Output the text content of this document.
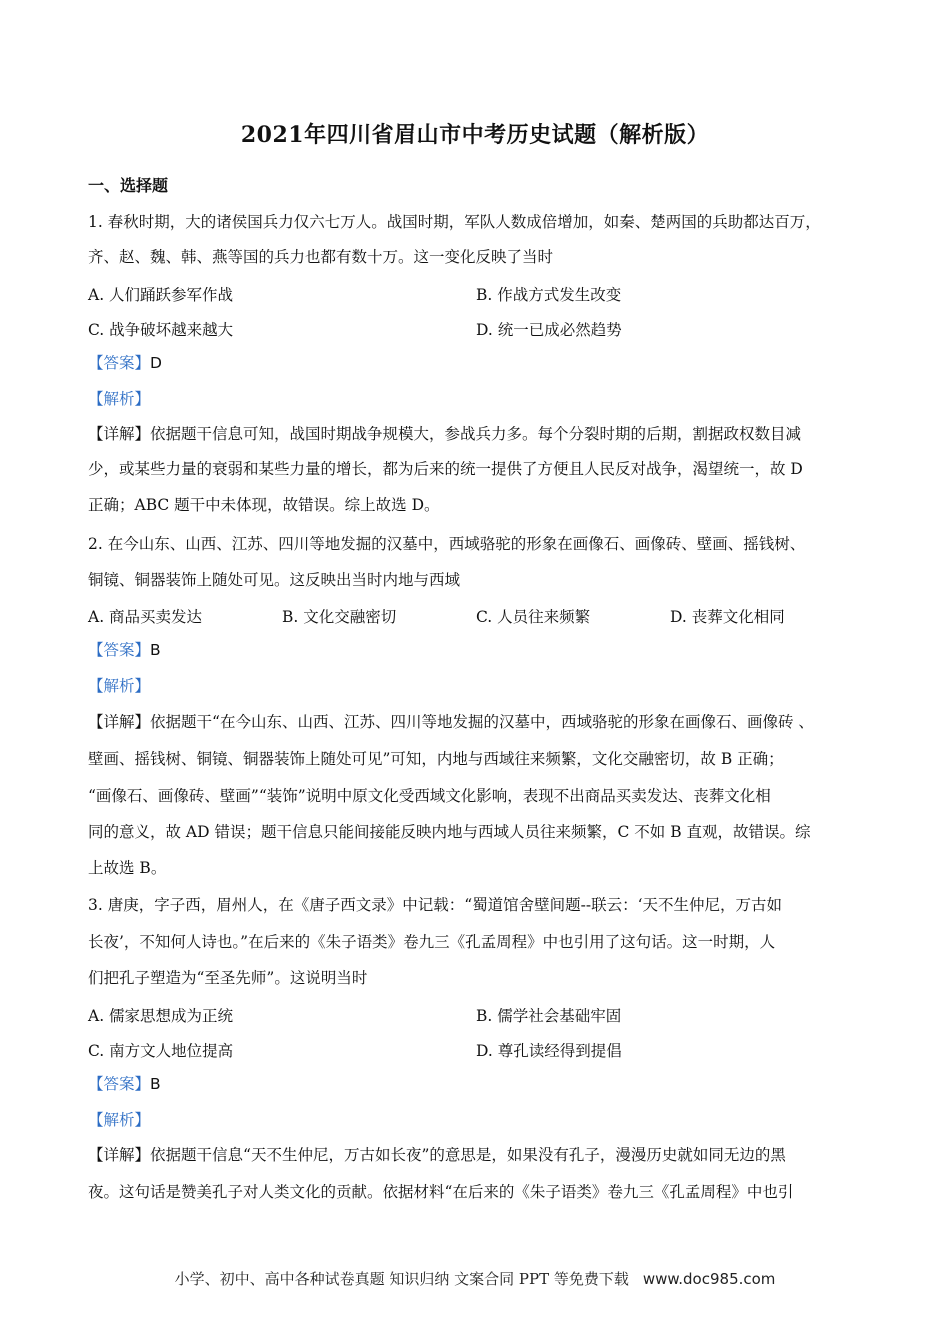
2021年四川省眉山市中考历史试题（解析版）
一、选择题
1. 春秋时期，大的诸侯国兵力仅六七万人。战国时期，军队人数成倍增加，如秦、楚两国的兵助都达百万，
齐、赵、魏、韩、燕等国的兵力也都有数十万。这一变化反映了当时
A. 人们踊跃参军作战	B. 作战方式发生改变
C. 战争破坏越来越大	D. 统一已成必然趋势
【答案】D
【解析】
【详解】依据题干信息可知，战国时期战争规模大，参战兵力多。每个分裂时期的后期，割据政权数目减
少，或某些力量的衰弱和某些力量的增长，都为后来的统一提供了方便且人民反对战争，渴望统一，故 D
正确；ABC 题干中未体现，故错误。综上故选 D。
2. 在今山东、山西、江苏、四川等地发掘的汉墓中，西域骆驼的形象在画像石、画像砖、壁画、摇钱树、
铜镜、铜器装饰上随处可见。这反映出当时内地与西域
A. 商品买卖发达	B. 文化交融密切	C. 人员往来频繁	D. 丧葬文化相同
【答案】B
【解析】
【详解】依据题干“在今山东、山西、江苏、四川等地发掘的汉墓中，西域骆驼的形象在画像石、画像砖 、
壁画、摇钱树、铜镜、铜器装饰上随处可见”可知，内地与西域往来频繁，文化交融密切，故 B 正确；
“画像石、画像砖、壁画”“装饰”说明中原文化受西域文化影响，表现不出商品买卖发达、丧葬文化相
同的意义，故 AD 错误；题干信息只能间接能反映内地与西域人员往来频繁，C 不如 B 直观，故错误。综
上故选 B。
3. 唐庚，字子西，眉州人，在《唐子西文录》中记载：“蜀道馆舍壁间题--联云：‘天不生仲尼，万古如
长夜’，不知何人诗也。”在后来的《朱子语类》卷九三《孔孟周程》中也引用了这句话。这一时期，人
们把孔子塑造为“至圣先师”。这说明当时
A. 儒家思想成为正统	B. 儒学社会基础牢固
C. 南方文人地位提高	D. 尊孔读经得到提倡
【答案】B
【解析】
【详解】依据题干信息“天不生仲尼，万古如长夜”的意思是，如果没有孔子，漫漫历史就如同无边的黑
夜。这句话是赞美孔子对人类文化的贡献。依据材料“在后来的《朱子语类》卷九三《孔孟周程》中也引
小学、初中、高中各种试卷真题 知识归纳 文案合同 PPT 等免费下载 www.doc985.com
